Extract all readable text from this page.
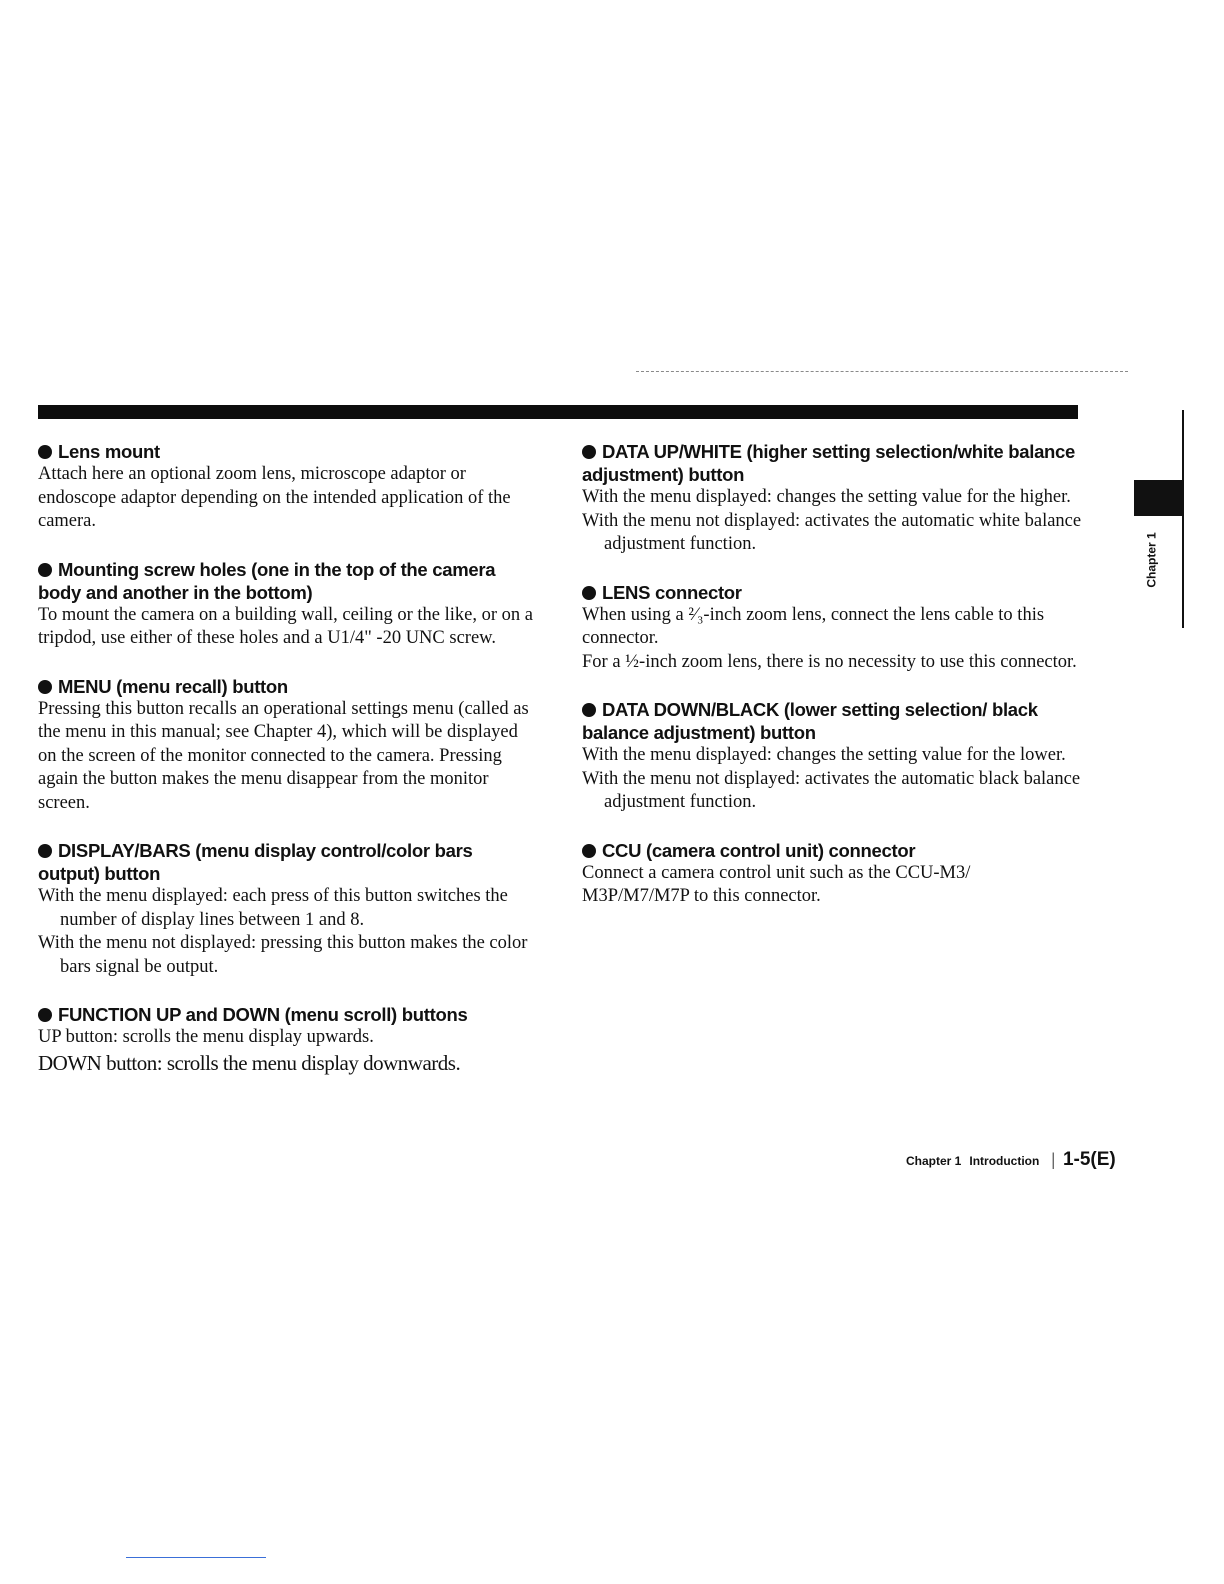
Chapter 1

Lens mount

Attach here an optional zoom lens, microscope adaptor or endoscope adaptor depending on the intended application of the camera.

Mounting screw holes (one in the top of the camera body and another in the bottom)

To mount the camera on a building wall, ceiling or the like, or on a tripdod, use either of these holes and a U1/4" -20 UNC screw.

MENU (menu recall) button

Pressing this button recalls an operational settings menu (called as the menu in this manual; see Chapter 4), which will be displayed on the screen of the monitor connected to the camera. Pressing again the button makes the menu disappear from the monitor screen.

DISPLAY/BARS (menu display control/color bars output) button

With the menu displayed: each press of this button switches the number of display lines between 1 and 8.

With the menu not displayed: pressing this button makes the color bars signal be output.

FUNCTION UP and DOWN (menu scroll) buttons

UP button: scrolls the menu display upwards.

DOWN button: scrolls the menu display downwards.

DATA UP/WHITE (higher setting selection/white balance adjustment) button

With the menu displayed: changes the setting value for the higher.

With the menu not displayed: activates the automatic white balance adjustment function.

LENS connector

When using a ²⁄₃-inch zoom lens, connect the lens cable to this connector.

For a ½-inch zoom lens, there is no necessity to use this connector.

DATA DOWN/BLACK (lower setting selection/ black balance adjustment) button

With the menu displayed: changes the setting value for the lower.

With the menu not displayed: activates the automatic black balance adjustment function.

CCU (camera control unit) connector

Connect a camera control unit such as the CCU-M3/ M3P/M7/M7P to this connector.

Chapter 1 Introduction | 1-5(E)
